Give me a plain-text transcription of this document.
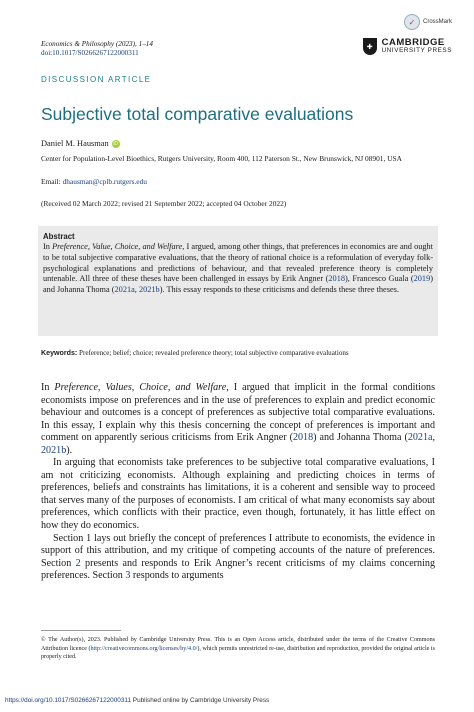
Economics & Philosophy (2023), 1–14
doi:10.1017/S0266267122000311
✓	CrossMark
✚ CAMBRIDGE
UNIVERSITY PRESS
DISCUSSION ARTICLE
Subjective total comparative evaluations
Daniel M. Hausman iD
Center for Population-Level Bioethics, Rutgers University, Room 400, 112 Paterson St., New Brunswick, NJ 08901, USA
Email: dhausman@cplb.rutgers.edu
(Received 02 March 2022; revised 21 September 2022; accepted 04 October 2022)
Abstract
In Preference, Value, Choice, and Welfare, I argued, among other things, that preferences in economics are and ought to be total subjective comparative evaluations, that the theory of rational choice is a reformulation of everyday folk-psychological explanations and predictions of behaviour, and that revealed preference theory is completely untenable. All three of these theses have been challenged in essays by Erik Angner (2018), Francesco Guala (2019) and Johanna Thoma (2021a, 2021b). This essay responds to these criticisms and defends these three theses.
Keywords: Preference; belief; choice; revealed preference theory; total subjective comparative evaluations

In Preference, Values, Choice, and Welfare, I argued that implicit in the formal conditions economists impose on preferences and in the use of preferences to explain and predict economic behaviour and outcomes is a concept of preferences as subjective total comparative evaluations. In this essay, I explain why this thesis concerning the concept of preferences is important and comment on apparently serious criticisms from Erik Angner (2018) and Johanna Thoma (2021a, 2021b).

In arguing that economists take preferences to be subjective total comparative evaluations, I am not criticizing economists. Although explaining and predicting choices in terms of preferences, beliefs and constraints has limitations, it is a coherent and sensible way to proceed that serves many of the purposes of economists. I am critical of what many economists say about preferences, which conflicts with their practice, even though, fortunately, it has little effect on how they do economics.

Section 1 lays out briefly the concept of preferences I attribute to economists, the evidence in support of this attribution, and my critique of competing accounts of the nature of preferences. Section 2 presents and responds to Erik Angner’s recent criticisms of my claims concerning preferences. Section 3 responds to arguments

© The Author(s), 2023. Published by Cambridge University Press. This is an Open Access article, distributed under the terms of the Creative Commons Attribution licence (http://creativecommons.org/licenses/by/4.0/), which permits unrestricted re-use, distribution and reproduction, provided the original article is properly cited.
https://doi.org/10.1017/S0266267122000311 Published online by Cambridge University Press
